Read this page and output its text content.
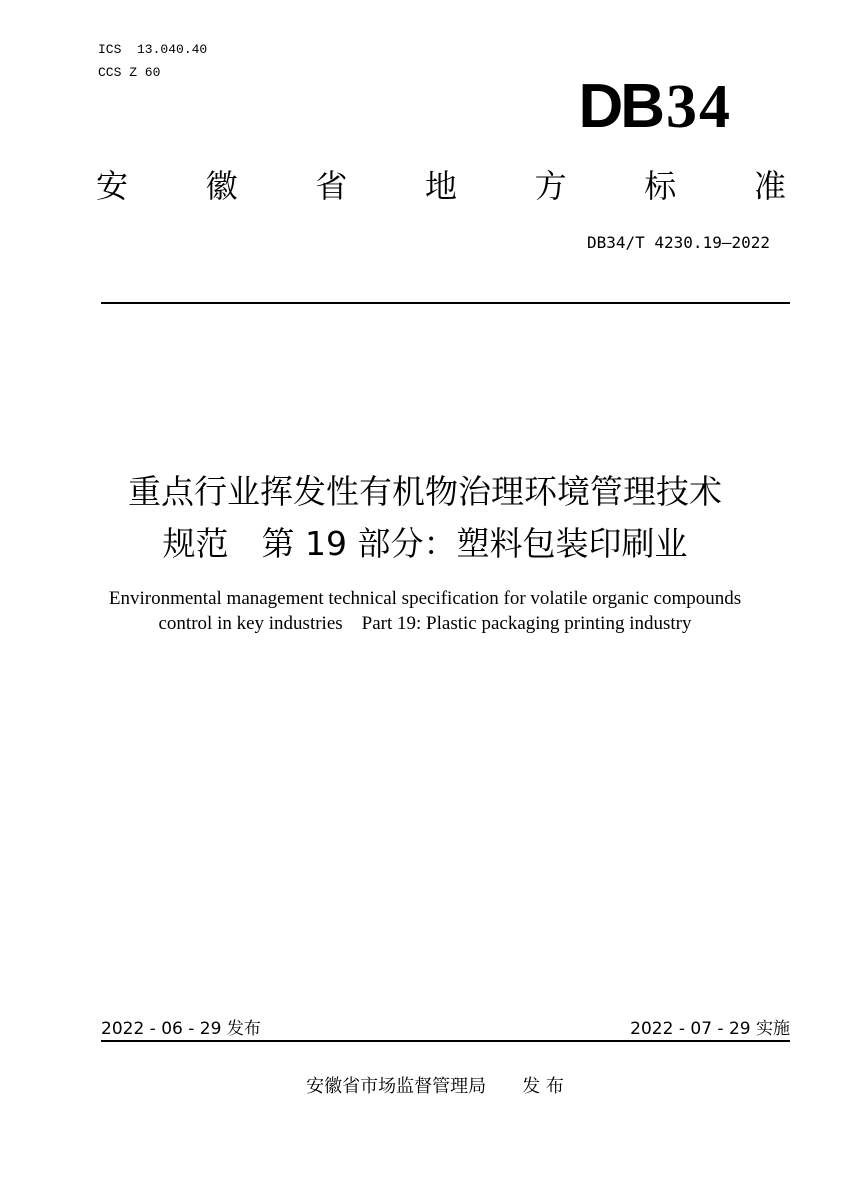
ICS  13.040.40
CCS Z 60	DB34
安 徽 省 地 方 标 准
DB34/T 4230.19—2022
重点行业挥发性有机物治理环境管理技术
规范　第 19 部分：塑料包装印刷业
Environmental management technical specification for volatile organic compounds
control in key industries　Part 19: Plastic packaging printing industry
2022 - 06 - 29 发布	2022 - 07 - 29 实施
安徽省市场监督管理局 发 布
